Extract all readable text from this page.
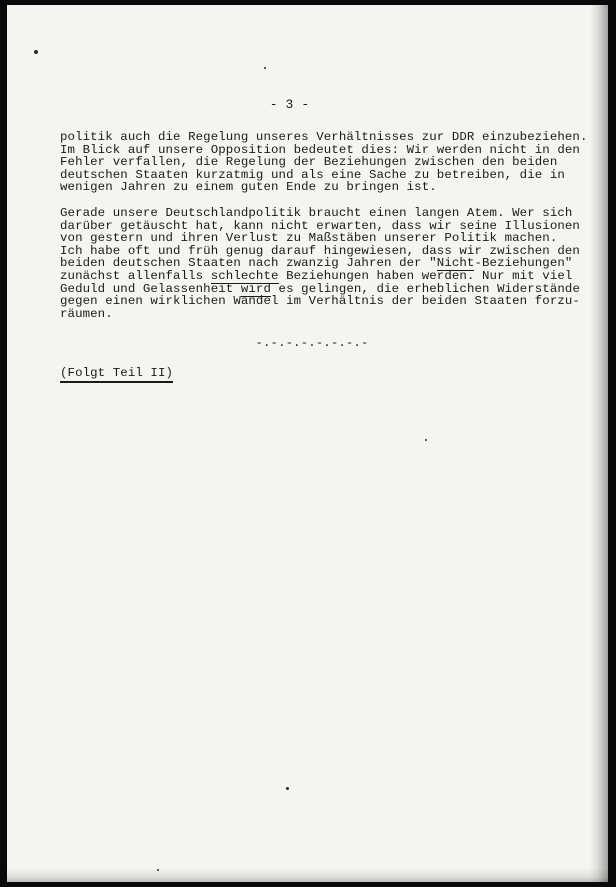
- 3 -
politik auch die Regelung unseres Verhältnisses zur DDR einzubeziehen.
Im Blick auf unsere Opposition bedeutet dies: Wir werden nicht in den
Fehler verfallen, die Regelung der Beziehungen zwischen den beiden
deutschen Staaten kurzatmig und als eine Sache zu betreiben, die in
wenigen Jahren zu einem guten Ende zu bringen ist.
Gerade unsere Deutschlandpolitik braucht einen langen Atem. Wer sich
darüber getäuscht hat, kann nicht erwarten, dass wir seine Illusionen
von gestern und ihren Verlust zu Maßstäben unserer Politik machen.
Ich habe oft und früh genug darauf hingewiesen, dass wir zwischen den
beiden deutschen Staaten nach zwanzig Jahren der "Nicht-Beziehungen"
zunächst allenfalls schlechte Beziehungen haben werden. Nur mit viel
Geduld und Gelassenheit wird es gelingen, die erheblichen Widerstände
gegen einen wirklichen Wandel im Verhältnis der beiden Staaten forzu-
räumen.
-.-.-.-.-.-.-.-
(Folgt Teil II)
